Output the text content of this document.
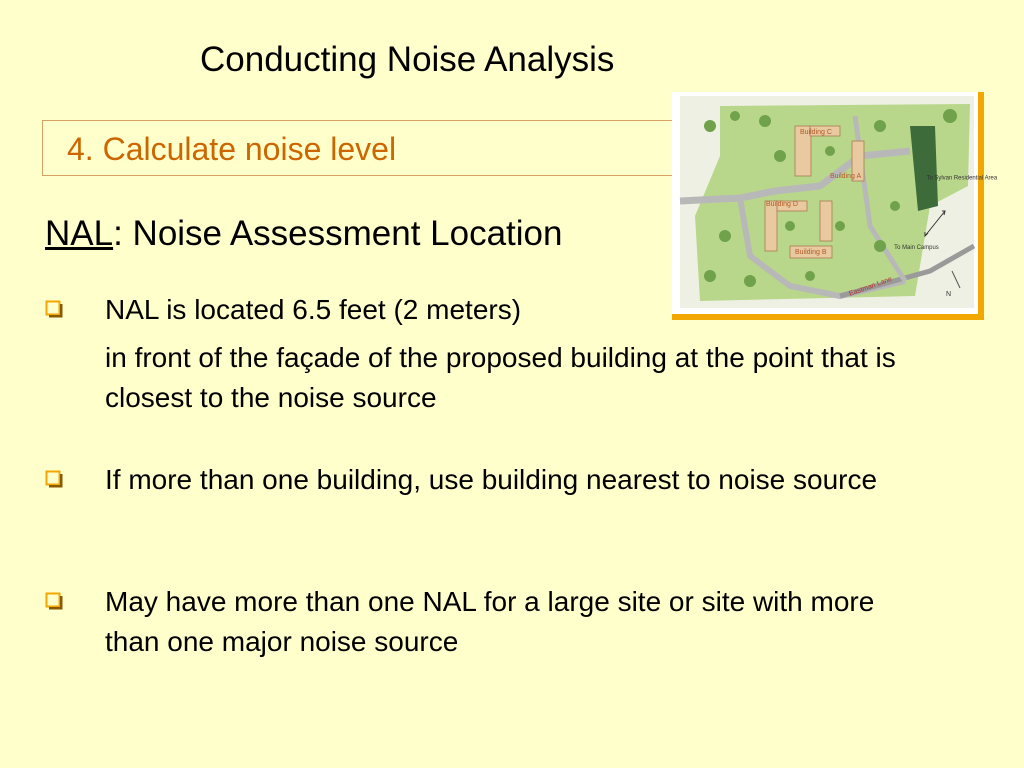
Conducting Noise Analysis
4. Calculate noise level
NAL: Noise Assessment Location
NAL is located 6.5 feet (2 meters)
in front of the façade of the proposed building at the point that is closest to the noise source
If more than one building, use building nearest to noise source
May have more than one NAL for a large site or site with more than one major noise source
Building C
Building A
Building D
Building B
To Sylvan Residential Area
To Main Campus
Eastman Lane	N
